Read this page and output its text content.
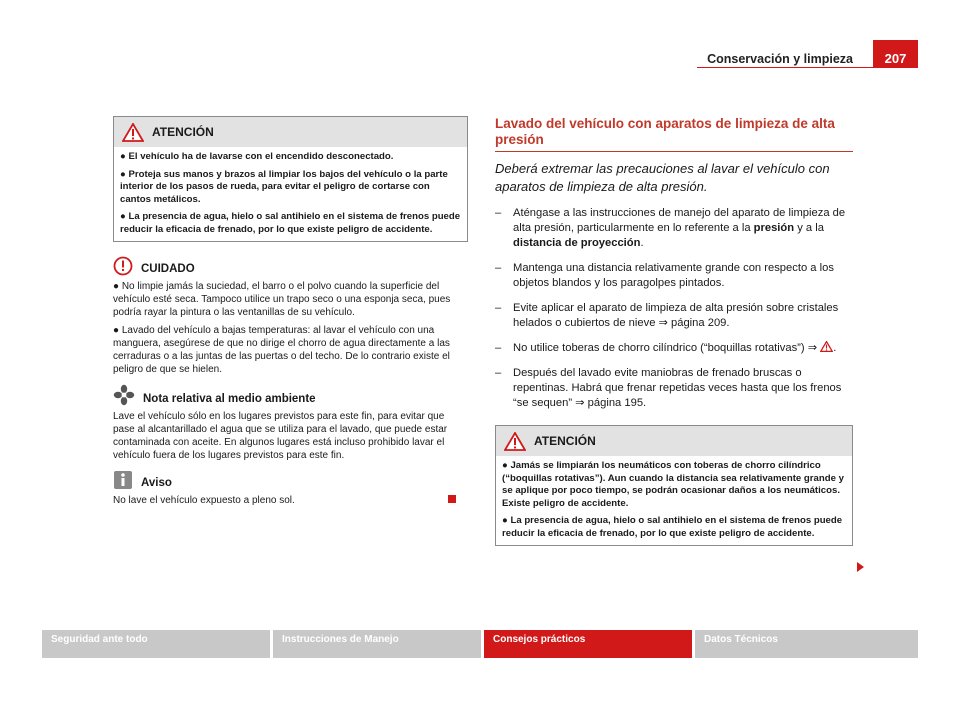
Conservación y limpieza	207
ATENCIÓN

● El vehículo ha de lavarse con el encendido desconectado.

● Proteja sus manos y brazos al limpiar los bajos del vehículo o la parte interior de los pasos de rueda, para evitar el peligro de cortarse con cantos metálicos.

● La presencia de agua, hielo o sal antihielo en el sistema de frenos puede reducir la eficacia de frenado, por lo que existe peligro de accidente.

CUIDADO

● No limpie jamás la suciedad, el barro o el polvo cuando la superficie del vehículo esté seca. Tampoco utilice un trapo seco o una esponja seca, pues podría rayar la pintura o las ventanillas de su vehículo.

● Lavado del vehículo a bajas temperaturas: al lavar el vehículo con una manguera, asegúrese de que no dirige el chorro de agua directamente a las cerraduras o a las juntas de las puertas o del techo. De lo contrario existe el peligro de que se hielen.

Nota relativa al medio ambiente

Lave el vehículo sólo en los lugares previstos para este fin, para evitar que pase al alcantarillado el agua que se utiliza para el lavado, que puede estar contaminada con aceite. En algunos lugares está incluso prohibido lavar el vehículo fuera de los lugares previstos para este fin.

Aviso

No lave el vehículo expuesto a pleno sol.

Lavado del vehículo con aparatos de limpieza de alta presión

Deberá extremar las precauciones al lavar el vehículo con aparatos de limpieza de alta presión.

–	Aténgase a las instrucciones de manejo del aparato de limpieza de alta presión, particularmente en lo referente a la presión y a la distancia de proyección.
–	Mantenga una distancia relativamente grande con respecto a los objetos blandos y los paragolpes pintados.
–	Evite aplicar el aparato de limpieza de alta presión sobre cristales helados o cubiertos de nieve ⇒ página 209.
–	No utilice toberas de chorro cilíndrico (“boquillas rotativas”) ⇒ .
–	Después del lavado evite maniobras de frenado bruscas o repentinas. Habrá que frenar repetidas veces hasta que los frenos “se sequen” ⇒ página 195.
ATENCIÓN

● Jamás se limpiarán los neumáticos con toberas de chorro cilíndrico (“boquillas rotativas”). Aun cuando la distancia sea relativamente grande y se aplique por poco tiempo, se podrán ocasionar daños a los neumáticos. Existe peligro de accidente.

● La presencia de agua, hielo o sal antihielo en el sistema de frenos puede reducir la eficacia de frenado, por lo que existe peligro de accidente.

Seguridad ante todo	Instrucciones de Manejo	Consejos prácticos	Datos Técnicos
